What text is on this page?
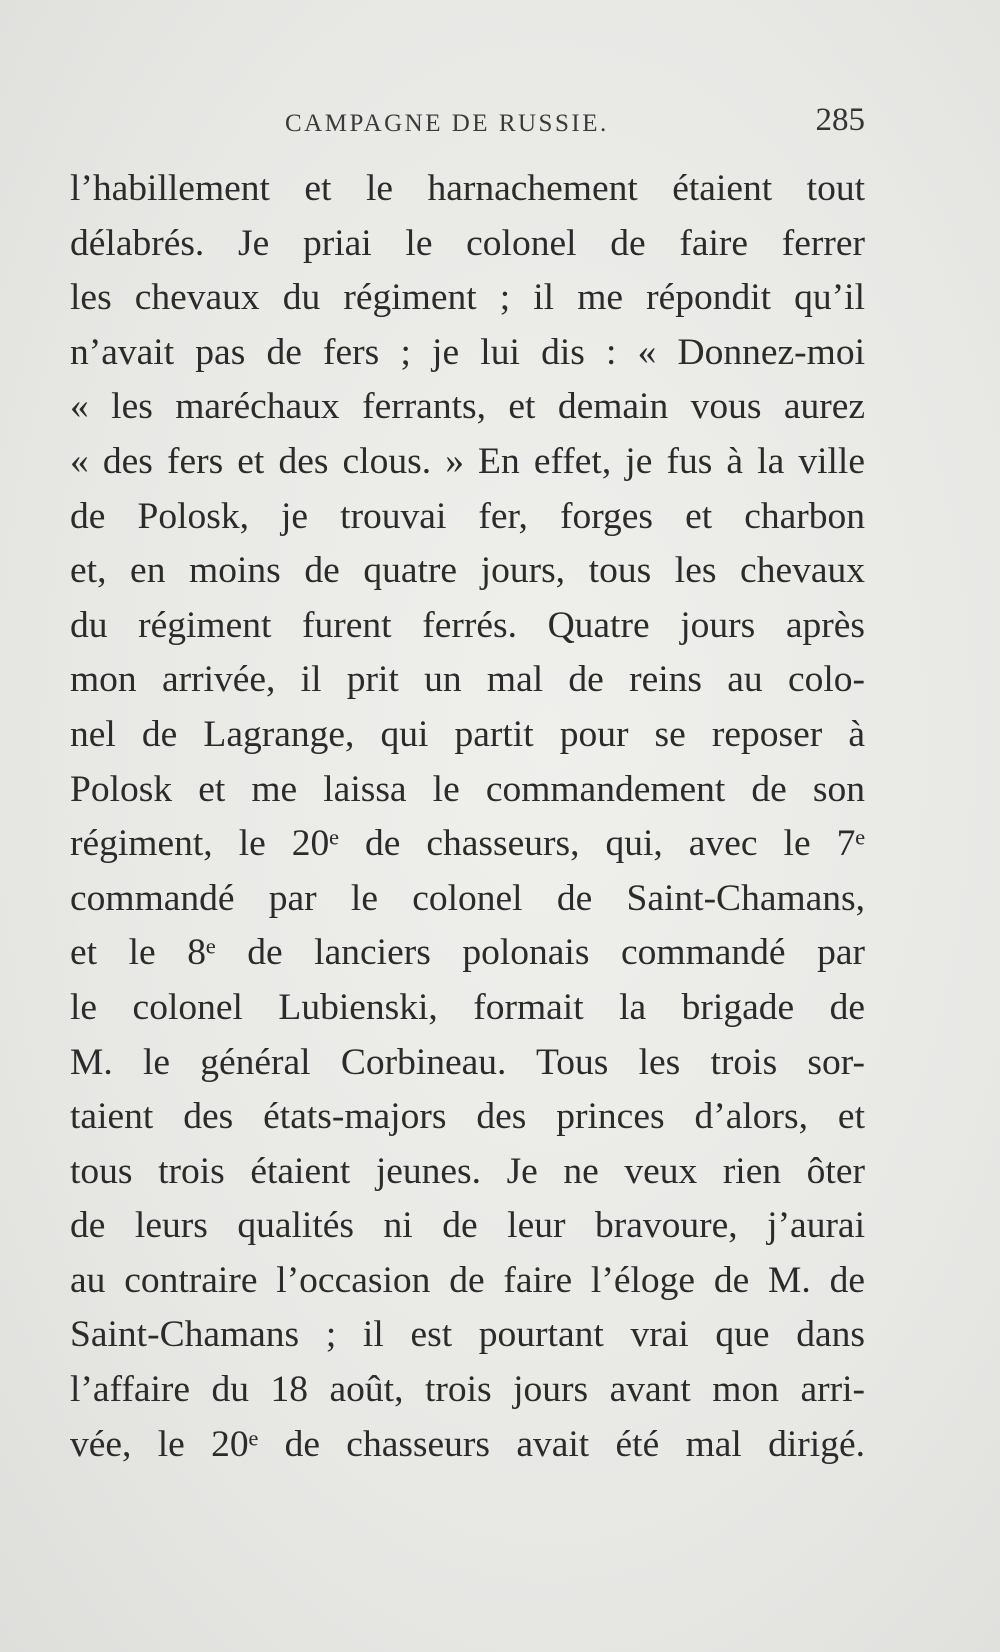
CAMPAGNE DE RUSSIE.	285
l’habillement et le harnachement étaient tout
délabrés. Je priai le colonel de faire ferrer
les chevaux du régiment ; il me répondit qu’il
n’avait pas de fers ; je lui dis : « Donnez-moi
« les maréchaux ferrants, et demain vous aurez
« des fers et des clous. » En effet, je fus à la ville
de Polosk, je trouvai fer, forges et charbon
et, en moins de quatre jours, tous les chevaux
du régiment furent ferrés. Quatre jours après
mon arrivée, il prit un mal de reins au colo-
nel de Lagrange, qui partit pour se reposer à
Polosk et me laissa le commandement de son
régiment, le 20ᵉ de chasseurs, qui, avec le 7ᵉ
commandé par le colonel de Saint-Chamans,
et le 8ᵉ de lanciers polonais commandé par
le colonel Lubienski, formait la brigade de
M. le général Corbineau. Tous les trois sor-
taient des états-majors des princes d’alors, et
tous trois étaient jeunes. Je ne veux rien ôter
de leurs qualités ni de leur bravoure, j’aurai
au contraire l’occasion de faire l’éloge de M. de
Saint-Chamans ; il est pourtant vrai que dans
l’affaire du 18 août, trois jours avant mon arri-
vée, le 20ᵉ de chasseurs avait été mal dirigé.
